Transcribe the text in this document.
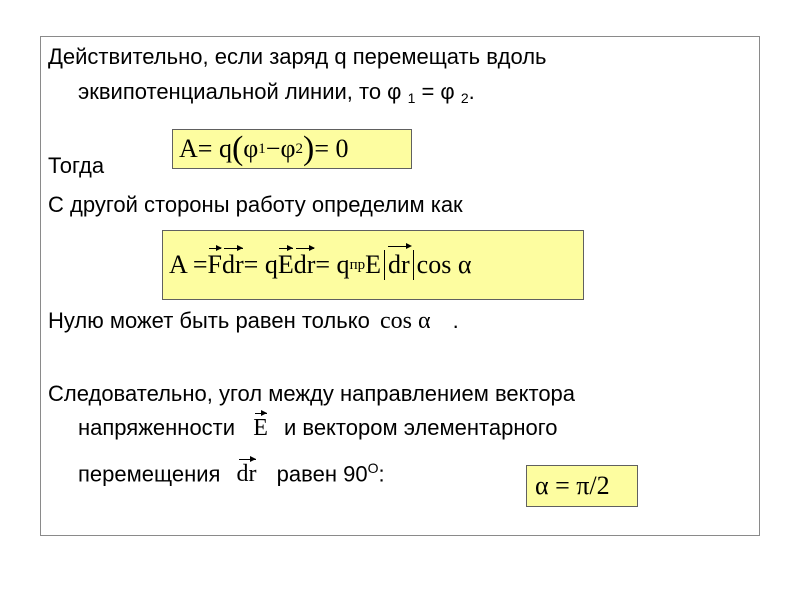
Действительно, если заряд q перемещать вдоль
эквипотенциальной линии, то φ 1 = φ 2.
Тогда
A = q ( φ 1 − φ 2 ) = 0
С другой стороны работу определим как
A = F dr = q E dr = q пр E dr cos α
Нулю может быть равен только cos α .
Следовательно, угол между направлением вектора
напряженности E и вектором элементарного
перемещения dr равен $90^O$:	α = π/2
